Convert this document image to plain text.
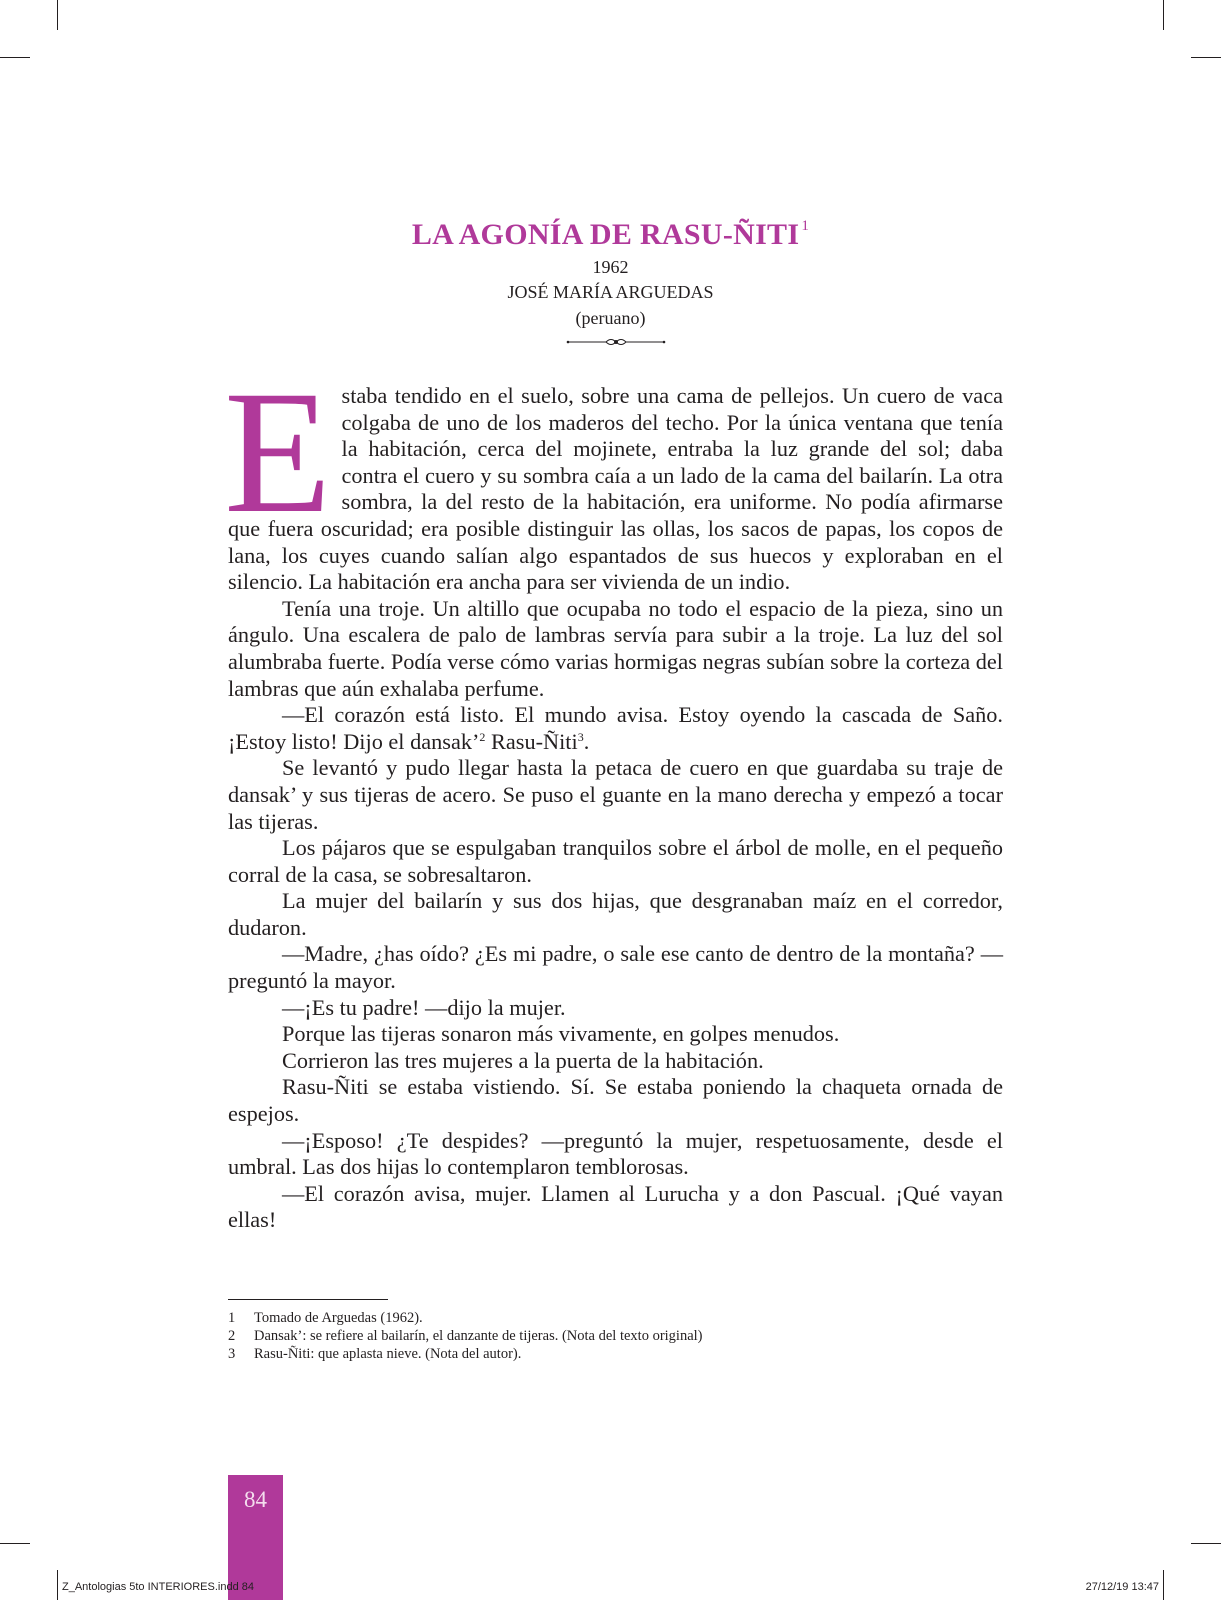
LA AGONÍA DE RASU-ÑITI $^1$
1962
JOSÉ MARÍA ARGUEDAS
(peruano)

Estaba tendido en el suelo, sobre una cama de pellejos. Un cuero de vaca colgaba de uno de los maderos del techo. Por la única ventana que tenía la habitación, cerca del mojinete, entraba la luz grande del sol; daba contra el cuero y su sombra caía a un lado de la cama del bailarín. La otra sombra, la del resto de la habitación, era uniforme. No podía afirmarse que fuera oscuridad; era posible distinguir las ollas, los sacos de papas, los copos de lana, los cuyes cuando salían algo espantados de sus huecos y exploraban en el silencio. La habitación era ancha para ser vivienda de un indio.

Tenía una troje. Un altillo que ocupaba no todo el espacio de la pieza, sino un ángulo. Una escalera de palo de lambras servía para subir a la troje. La luz del sol alumbraba fuerte. Podía verse cómo varias hormigas negras subían sobre la corteza del lambras que aún exhalaba perfume.

—El corazón está listo. El mundo avisa. Estoy oyendo la cascada de Saño. ¡Estoy listo! Dijo el dansak’$^2$ Rasu-Ñiti$^3$.

Se levantó y pudo llegar hasta la petaca de cuero en que guardaba su traje de dansak’ y sus tijeras de acero. Se puso el guante en la mano derecha y empezó a tocar las tijeras.

Los pájaros que se espulgaban tranquilos sobre el árbol de molle, en el pequeño corral de la casa, se sobresaltaron.

La mujer del bailarín y sus dos hijas, que desgranaban maíz en el corredor, dudaron.

—Madre, ¿has oído? ¿Es mi padre, o sale ese canto de dentro de la montaña? —preguntó la mayor.

—¡Es tu padre! —dijo la mujer.

Porque las tijeras sonaron más vivamente, en golpes menudos.

Corrieron las tres mujeres a la puerta de la habitación.

Rasu-Ñiti se estaba vistiendo. Sí. Se estaba poniendo la chaqueta ornada de espejos.

—¡Esposo! ¿Te despides? —preguntó la mujer, respetuosamente, desde el umbral. Las dos hijas lo contemplaron temblorosas.

—El corazón avisa, mujer. Llamen al Lurucha y a don Pascual. ¡Qué vayan ellas!

1	Tomado de Arguedas (1962).
2	Dansak’: se refiere al bailarín, el danzante de tijeras. (Nota del texto original)
3	Rasu-Ñiti: que aplasta nieve. (Nota del autor).
84
Z_Antologias 5to INTERIORES.indd 84	27/12/19 13:47
